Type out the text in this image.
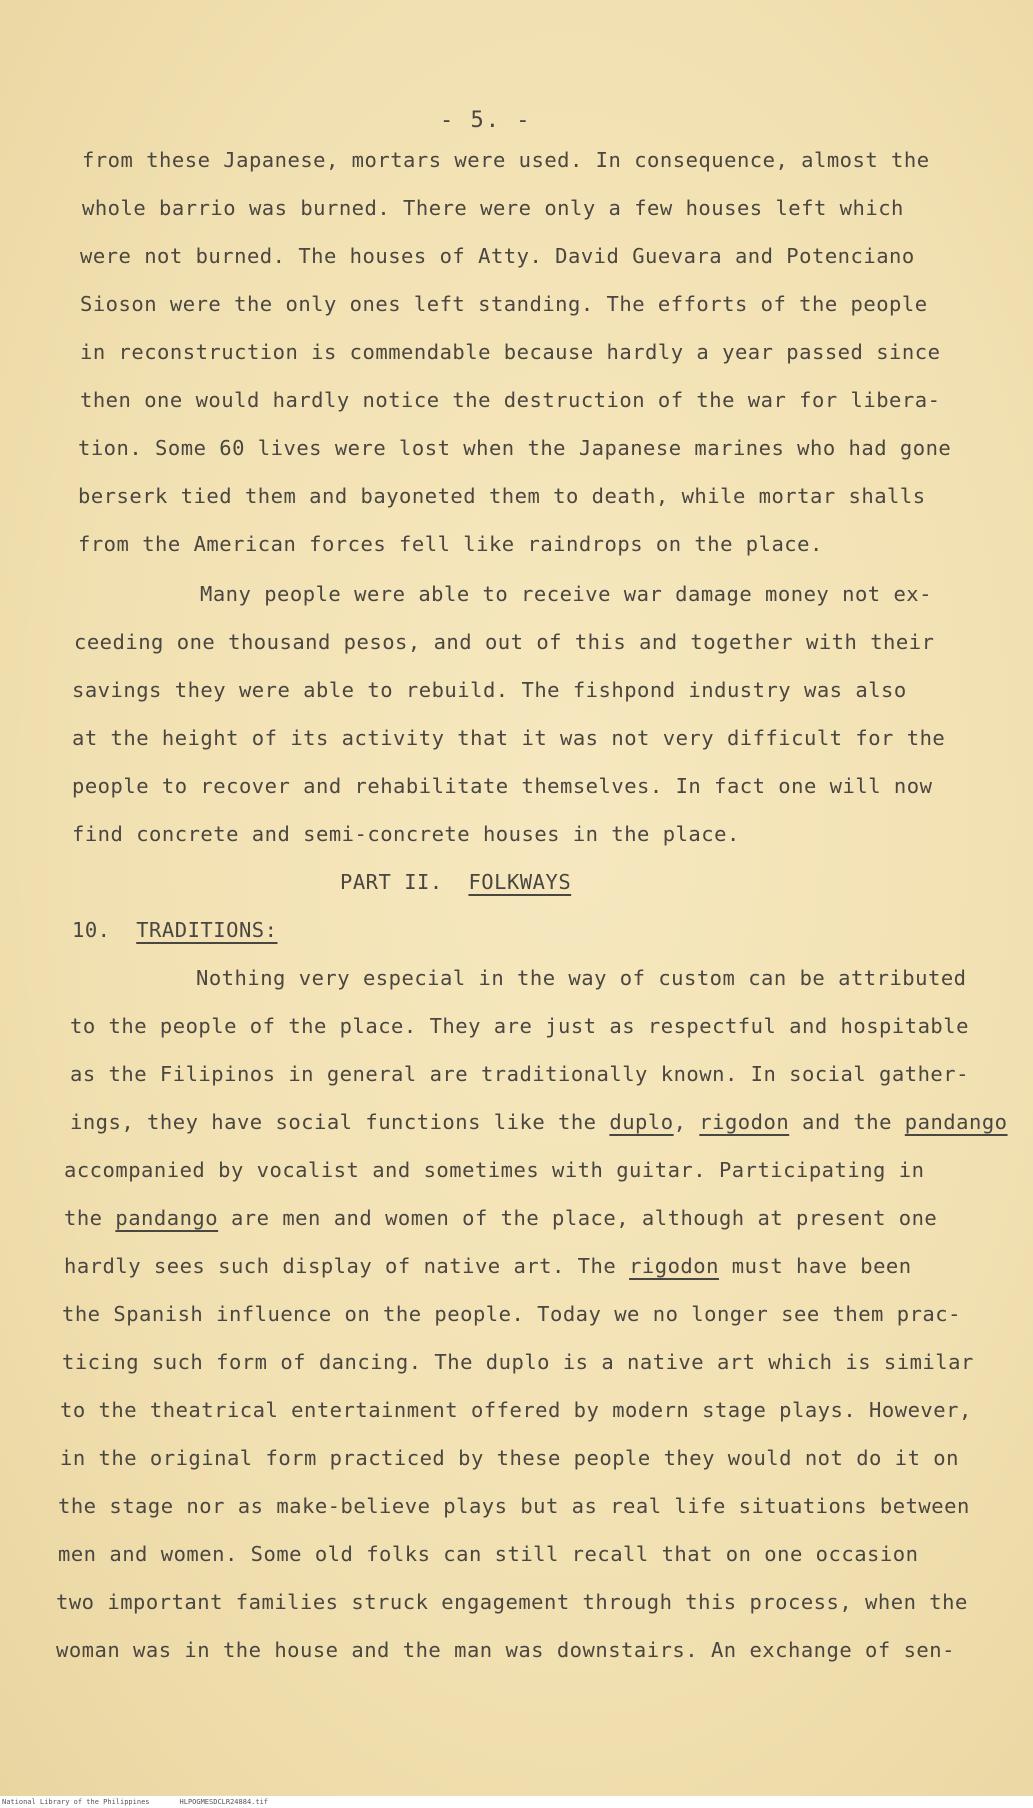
- 5. -
from these Japanese, mortars were used. In consequence, almost the
whole barrio was burned. There were only a few houses left which
were not burned. The houses of Atty. David Guevara and Potenciano
Sioson were the only ones left standing. The efforts of the people
in reconstruction is commendable because hardly a year passed since
then one would hardly notice the destruction of the war for libera-
tion. Some 60 lives were lost when the Japanese marines who had gone
berserk tied them and bayoneted them to death, while mortar shalls
from the American forces fell like raindrops on the place.
Many people were able to receive war damage money not ex-
ceeding one thousand pesos, and out of this and together with their
savings they were able to rebuild. The fishpond industry was also
at the height of its activity that it was not very difficult for the
people to recover and rehabilitate themselves. In fact one will now
find concrete and semi-concrete houses in the place.
PART II. FOLKWAYS
10. TRADITIONS:
Nothing very especial in the way of custom can be attributed
to the people of the place. They are just as respectful and hospitable
as the Filipinos in general are traditionally known. In social gather-
ings, they have social functions like the duplo, rigodon and the pandango
accompanied by vocalist and sometimes with guitar. Participating in
the pandango are men and women of the place, although at present one
hardly sees such display of native art. The rigodon must have been
the Spanish influence on the people. Today we no longer see them prac-
ticing such form of dancing. The duplo is a native art which is similar
to the theatrical entertainment offered by modern stage plays. However,
in the original form practiced by these people they would not do it on
the stage nor as make-believe plays but as real life situations between
men and women. Some old folks can still recall that on one occasion
two important families struck engagement through this process, when the
woman was in the house and the man was downstairs. An exchange of sen-
National Library of the Philippines	HLPOGMESDCLR24884.tif
